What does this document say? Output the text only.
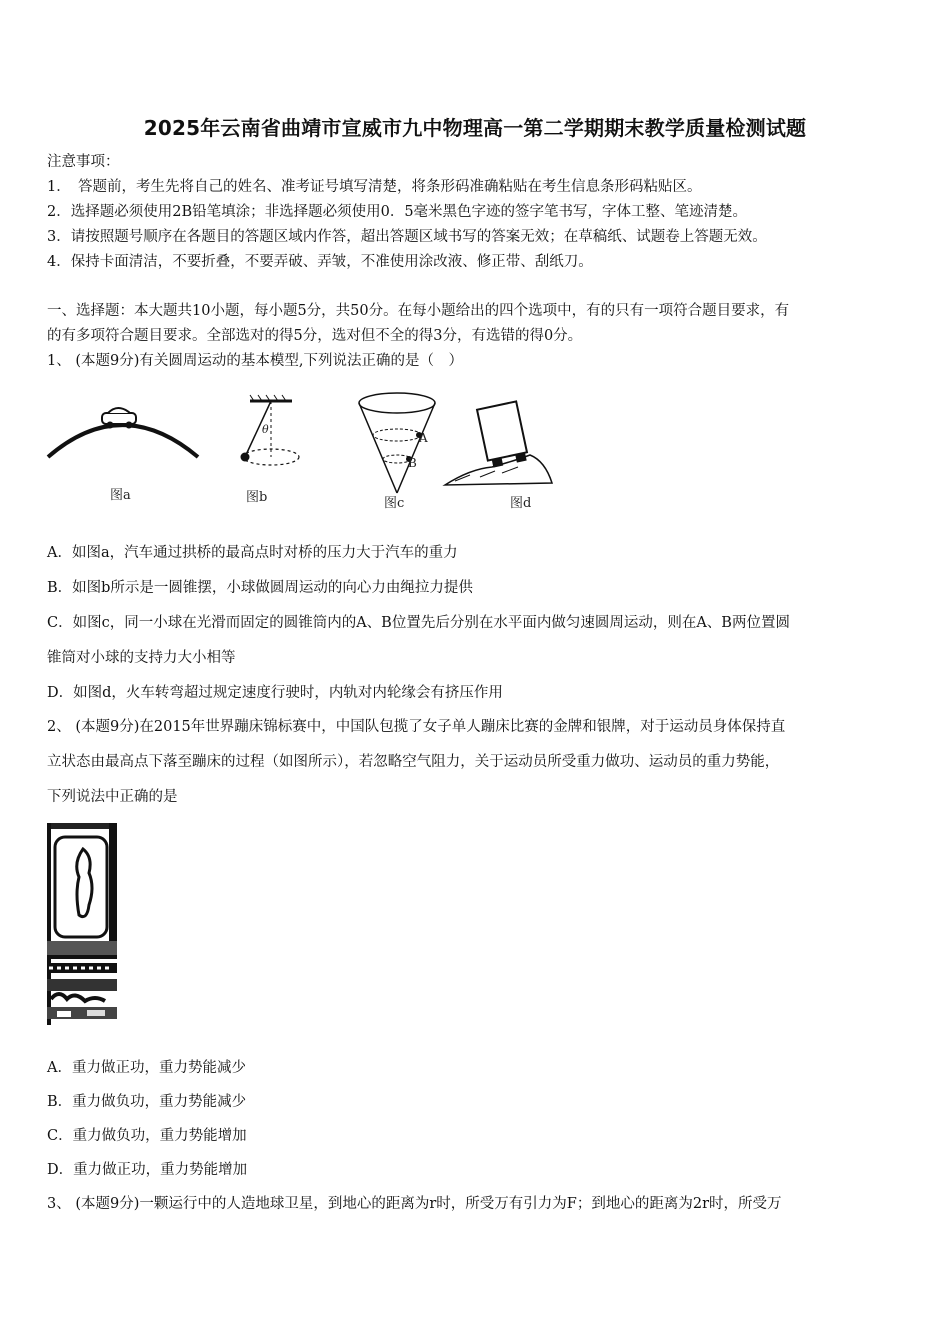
2025年云南省曲靖市宣威市九中物理高一第二学期期末教学质量检测试题
注意事项：
1．　答题前，考生先将自己的姓名、准考证号填写清楚，将条形码准确粘贴在考生信息条形码粘贴区。
2．选择题必须使用2B铅笔填涂；非选择题必须使用0．5毫米黑色字迹的签字笔书写，字体工整、笔迹清楚。
3．请按照题号顺序在各题目的答题区域内作答，超出答题区域书写的答案无效；在草稿纸、试题卷上答题无效。
4．保持卡面清洁，不要折叠，不要弄破、弄皱，不准使用涂改液、修正带、刮纸刀。
一、选择题：本大题共10小题，每小题5分，共50分。在每小题给出的四个选项中，有的只有一项符合题目要求，有
的有多项符合题目要求。全部选对的得5分，选对但不全的得3分，有选错的得0分。
1、 (本题9分)有关圆周运动的基本模型,下列说法正确的是（　）
图a
θ
图b
A
B
图c	图d
A．如图a，汽车通过拱桥的最高点时对桥的压力大于汽车的重力
B．如图b所示是一圆锥摆，小球做圆周运动的向心力由绳拉力提供
C．如图c，同一小球在光滑而固定的圆锥筒内的A、B位置先后分别在水平面内做匀速圆周运动，则在A、B两位置圆
锥筒对小球的支持力大小相等
D．如图d，火车转弯超过规定速度行驶时，内轨对内轮缘会有挤压作用
2、 (本题9分)在2015年世界蹦床锦标赛中，中国队包揽了女子单人蹦床比赛的金牌和银牌，对于运动员身体保持直
立状态由最高点下落至蹦床的过程（如图所示），若忽略空气阻力，关于运动员所受重力做功、运动员的重力势能，
下列说法中正确的是
A．重力做正功，重力势能减少
B．重力做负功，重力势能减少
C．重力做负功，重力势能增加
D．重力做正功，重力势能增加
3、 (本题9分)一颗运行中的人造地球卫星，到地心的距离为r时，所受万有引力为F；到地心的距离为2r时，所受万
